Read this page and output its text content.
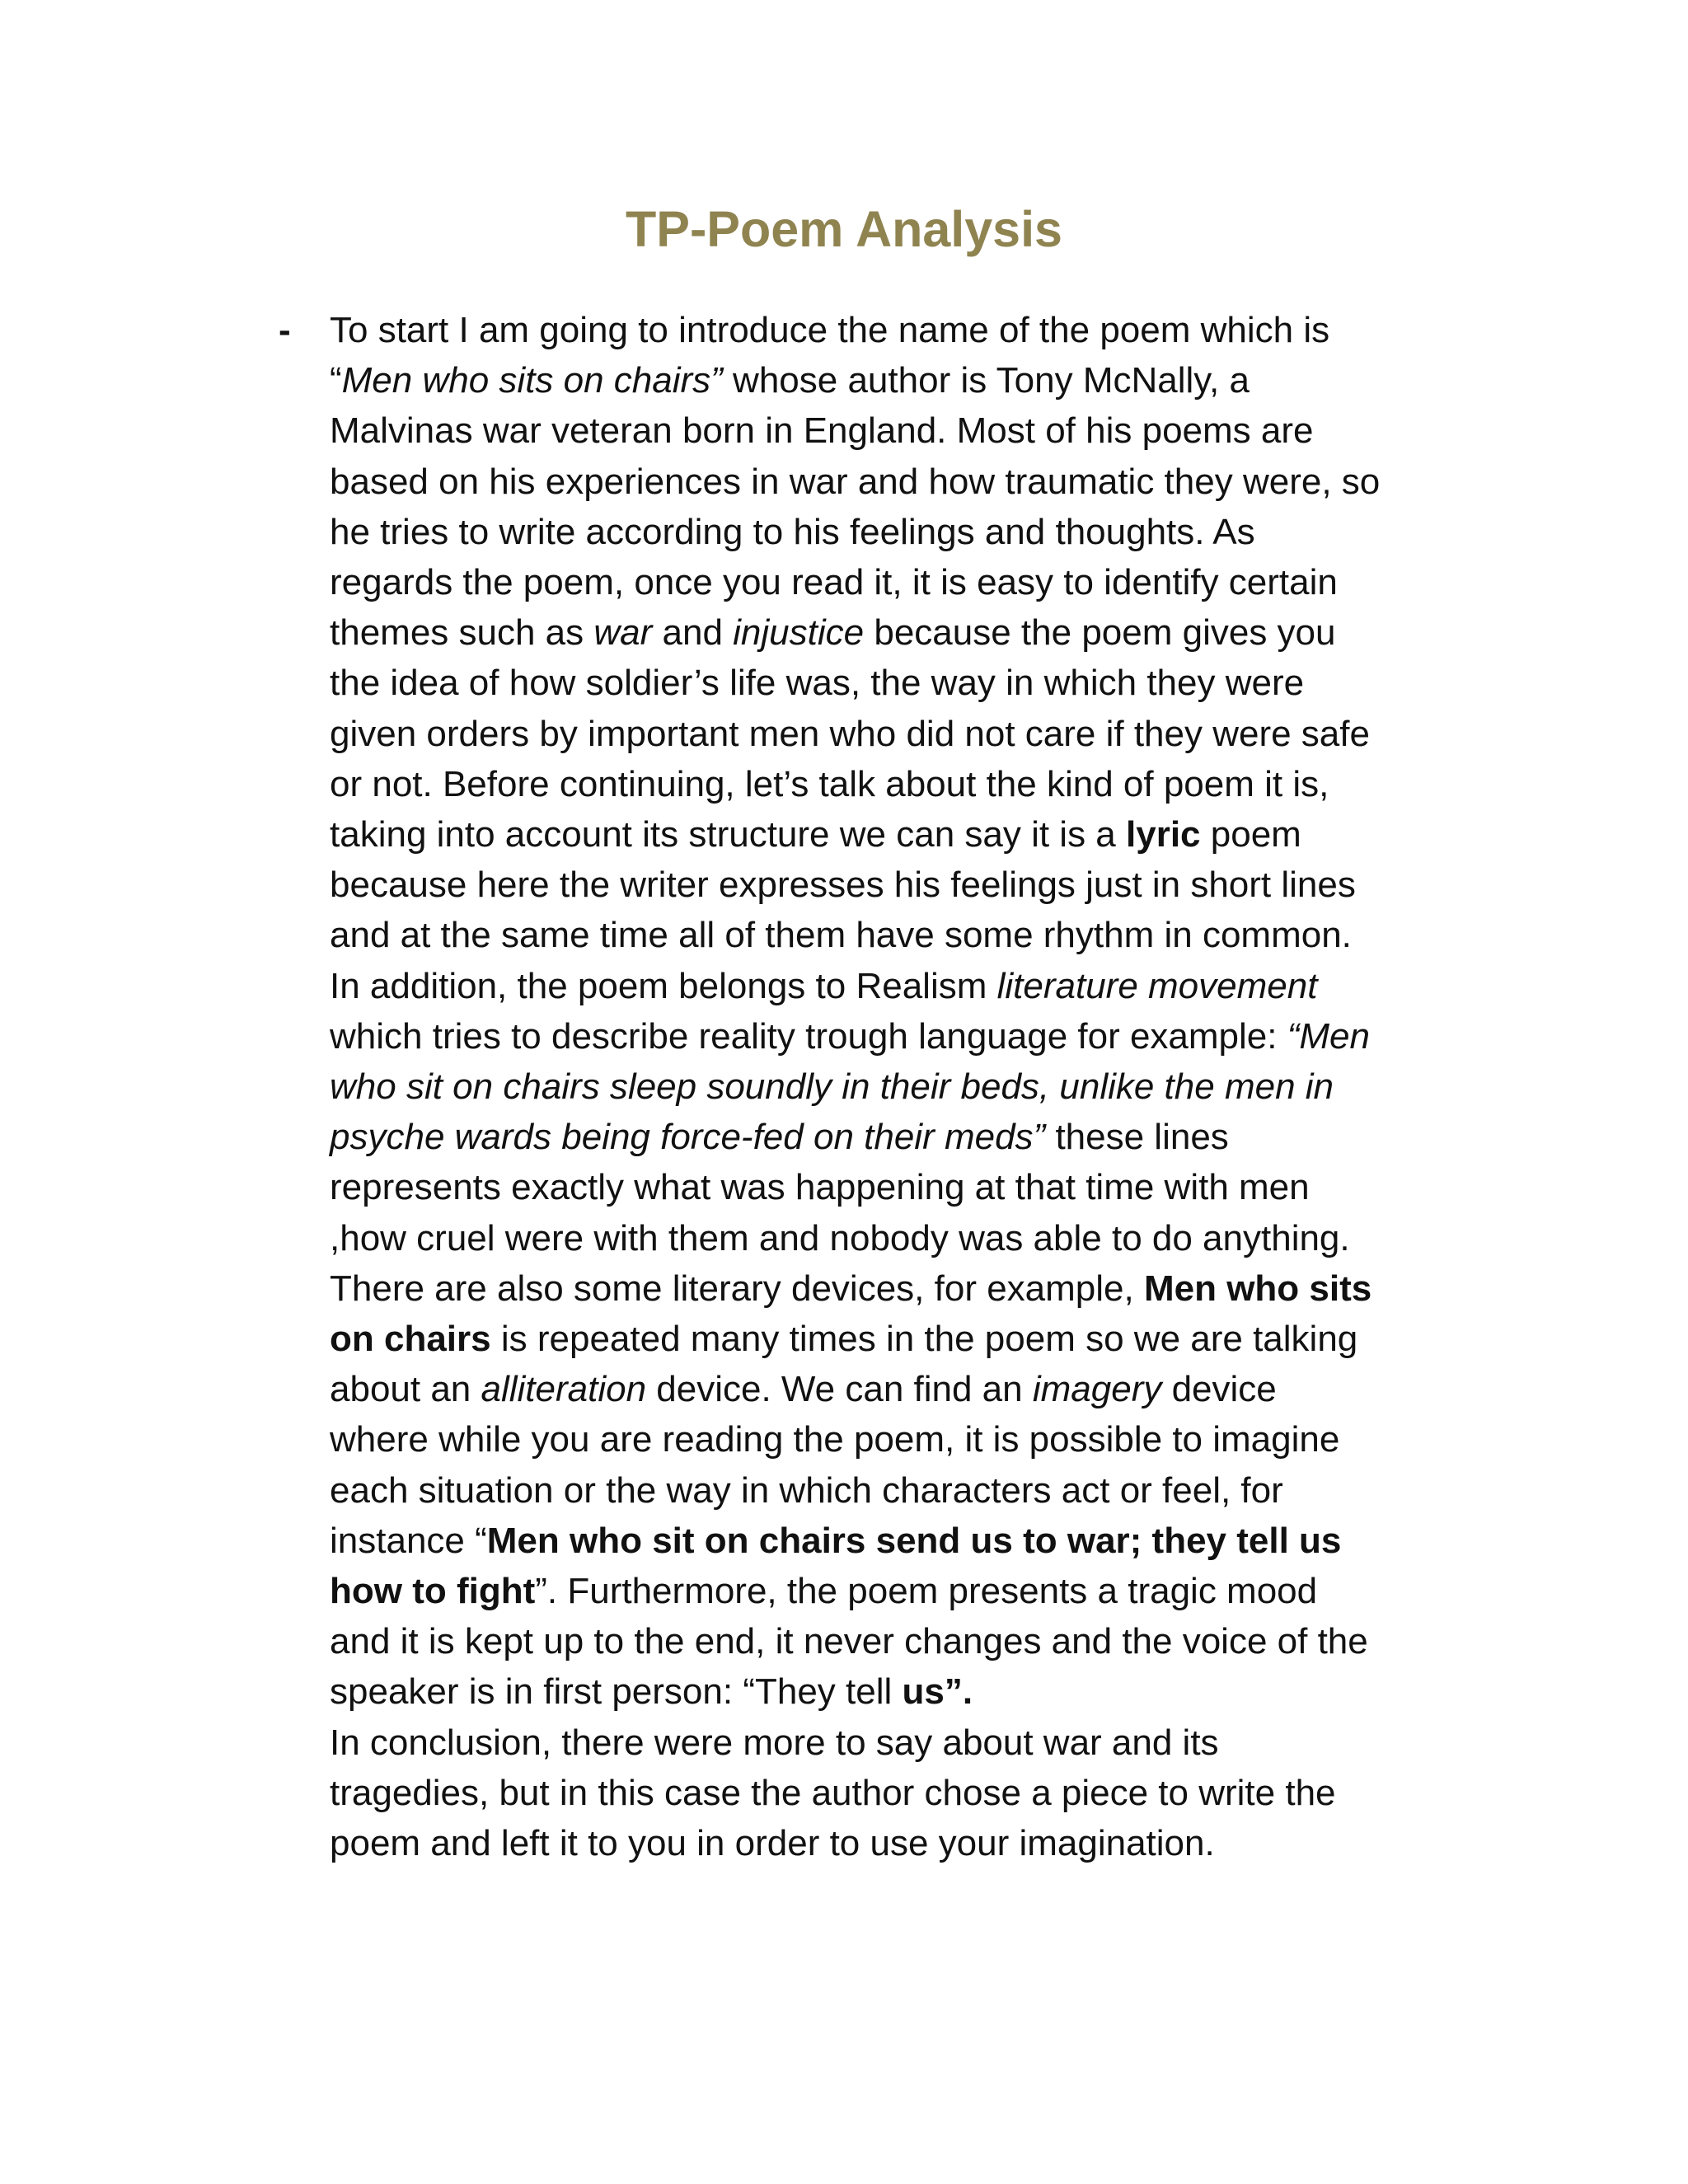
TP-Poem Analysis
- To start I am going to introduce the name of the poem which is
“Men who sits on chairs” whose author is Tony McNally, a
Malvinas war veteran born in England. Most of his poems are
based on his experiences in war and how traumatic they were, so
he tries to write according to his feelings and thoughts. As
regards the poem, once you read it, it is easy to identify certain
themes such as war and injustice because the poem gives you
the idea of how soldier’s life was, the way in which they were
given orders by important men who did not care if they were safe
or not. Before continuing, let’s talk about the kind of poem it is,
taking into account its structure we can say it is a lyric poem
because here the writer expresses his feelings just in short lines
and at the same time all of them have some rhythm in common.
In addition, the poem belongs to Realism literature movement
which tries to describe reality trough language for example: “Men
who sit on chairs sleep soundly in their beds, unlike the men in
psyche wards being force-fed on their meds” these lines
represents exactly what was happening at that time with men
,how cruel were with them and nobody was able to do anything.
There are also some literary devices, for example, Men who sits
on chairs is repeated many times in the poem so we are talking
about an alliteration device. We can find an imagery device
where while you are reading the poem, it is possible to imagine
each situation or the way in which characters act or feel, for
instance “Men who sit on chairs send us to war; they tell us
how to fight”. Furthermore, the poem presents a tragic mood
and it is kept up to the end, it never changes and the voice of the
speaker is in first person: “They tell us”.
In conclusion, there were more to say about war and its
tragedies, but in this case the author chose a piece to write the
poem and left it to you in order to use your imagination.
